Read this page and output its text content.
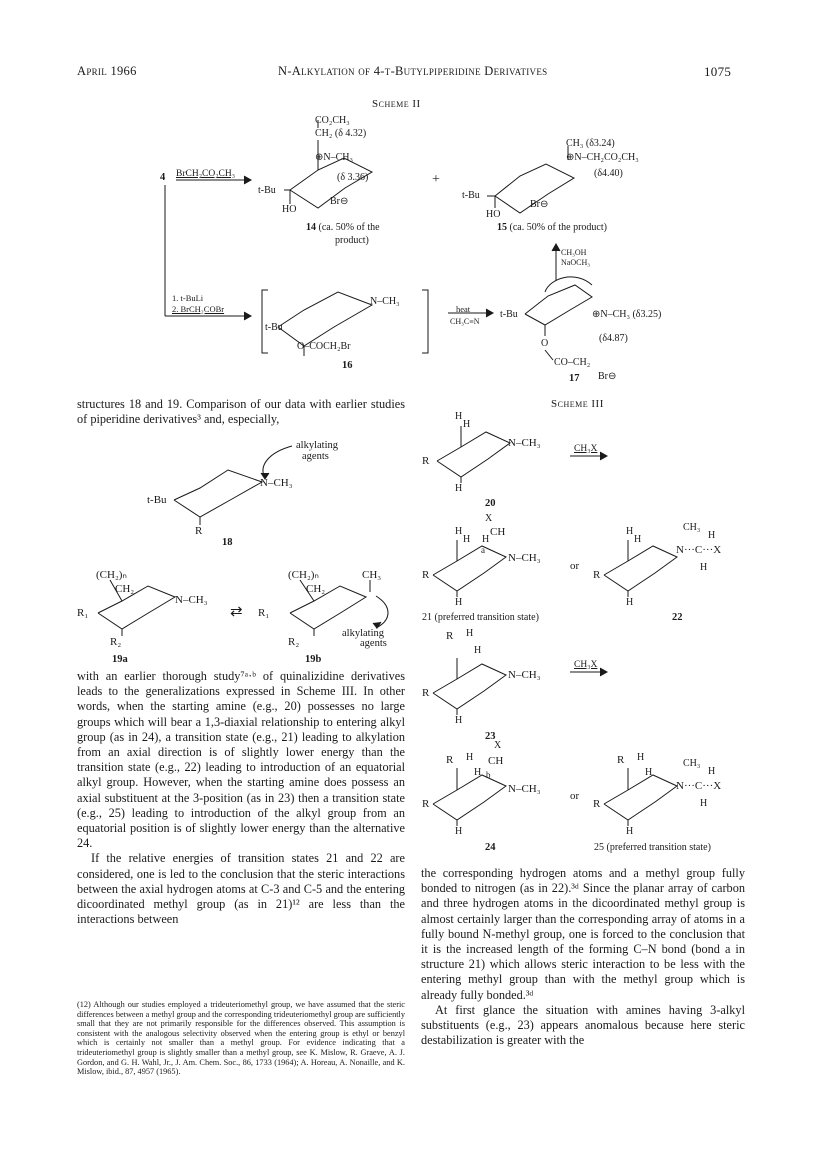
April 1966	N-Alkylation of 4-t-Butylpiperidine Derivatives	1075
Scheme II
4 BrCH₂CO₂CH₃
CO₂CH₃
CH₂ (δ 4.32)
⊕N–CH₃
(δ 3.36)
t-Bu
HO
Br⊖
14 (ca. 50% of the
product)
+
CH₃ (δ3.24)
⊕N–CH₂CO₂CH₃
(δ4.40)
t-Bu
HO
Br⊖
15 (ca. 50% of the product)
CH₃OH
NaOCH₃
1. t-BuLi
2. BrCH₂COBr
N–CH₃
t-Bu
O–COCH₂Br
16
heat
CH₃C≡N
t-Bu	⊕N–CH₃ (δ3.25)
O
CO–CH₂
(δ4.87)
Br⊖
17

structures 18 and 19. Comparison of our data with earlier studies of piperidine derivatives³ and, especially,

alkylating
agents
N–CH₃
t-Bu
R
18
(CH₂)ₙ
CH₂
N–CH₃
R₁
R₂
⇄
(CH₂)ₙ
CH₂
CH₃
R₁
R₂
alkylating
agents
19a	19b

with an earlier thorough study⁷ᵃ·ᵇ of quinalizidine derivatives leads to the generalizations expressed in Scheme III. In other words, when the starting amine (e.g., 20) possesses no large groups which will bear a 1,3-diaxial relationship to entering alkyl group (as in 24), a transition state (e.g., 21) leading to alkylation from an axial direction is of slightly lower energy than the transition state (e.g., 22) leading to introduction of an equatorial alkyl group. However, when the starting amine does possess an axial substituent at the 3-position (as in 23) then a transition state (e.g., 25) leading to introduction of the alkyl group from an equatorial position is of slightly lower energy than the alternative 24.

If the relative energies of transition states 21 and 22 are considered, one is led to the conclusion that the steric interactions between the axial hydrogen atoms at C-3 and C-5 and the entering dicoordinated methyl group (as in 21)¹² are less than the interactions between

(12) Although our studies employed a trideuteriomethyl group, we have assumed that the steric differences between a methyl group and the corresponding trideuteriomethyl group are sufficiently small that they are not primarily responsible for the differences observed. This assumption is consistent with the analogous selectivity observed when the entering group is ethyl or benzyl which is certainly not smaller than a methyl group. For evidence indicating that a trideuteriomethyl group is slightly smaller than a methyl group, see K. Mislow, R. Graeve, A. J. Gordon, and G. H. Wahl, Jr., J. Am. Chem. Soc., 86, 1733 (1964); A. Horeau, A. Nonaille, and K. Mislow, ibid., 87, 4957 (1965).
Scheme III
H
H
N–CH₃
R
H
20
CH₃X
H
H
X
H
CH
a
N–CH₃
R
H
21 (preferred transition state)
or
H
H
CH₃
H
N···C···X
H
R
H
22
R H
H
N–CH₃
R
H
23
CH₃X
R H
H
X
CH
b
N–CH₃
R
H
24
or
R H
H
CH₃
H
N···C···X
H
R
H
25 (preferred transition state)

the corresponding hydrogen atoms and a methyl group fully bonded to nitrogen (as in 22).³ᵈ Since the planar array of carbon and three hydrogen atoms in the dicoordinated methyl group is almost certainly larger than the corresponding array of atoms in a fully bound N-methyl group, one is forced to the conclusion that it is the increased length of the forming C–N bond (bond a in structure 21) which allows steric interaction to be less with the entering methyl group than with the methyl group which is already fully bonded.³ᵈ

At first glance the situation with amines having 3-alkyl substituents (e.g., 23) appears anomalous because here steric destabilization is greater with the
